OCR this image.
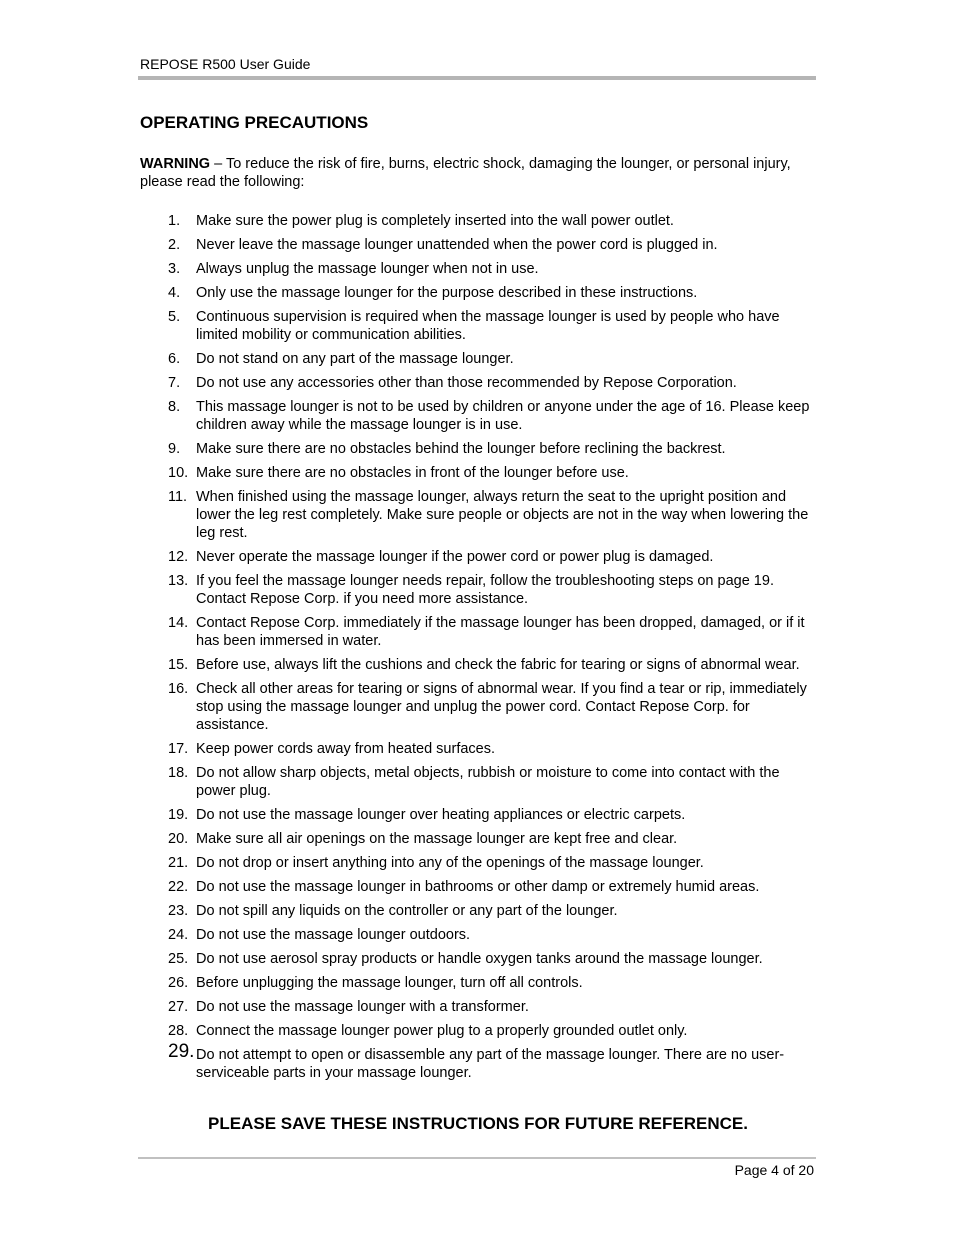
REPOSE R500 User Guide
OPERATING PRECAUTIONS
WARNING – To reduce the risk of fire, burns, electric shock, damaging the lounger, or personal injury, please read the following:
1.	Make sure the power plug is completely inserted into the wall power outlet.
2.	Never leave the massage lounger unattended when the power cord is plugged in.
3.	Always unplug the massage lounger when not in use.
4.	Only use the massage lounger for the purpose described in these instructions.
5.	Continuous supervision is required when the massage lounger is used by people who have limited mobility or communication abilities.
6.	Do not stand on any part of the massage lounger.
7.	Do not use any accessories other than those recommended by Repose Corporation.
8.	This massage lounger is not to be used by children or anyone under the age of 16. Please keep children away while the massage lounger is in use.
9.	Make sure there are no obstacles behind the lounger before reclining the backrest.
10. Make sure there are no obstacles in front of the lounger before use.
11. When finished using the massage lounger, always return the seat to the upright position and lower the leg rest completely. Make sure people or objects are not in the way when lowering the leg rest.
12. Never operate the massage lounger if the power cord or power plug is damaged.
13. If you feel the massage lounger needs repair, follow the troubleshooting steps on page 19. Contact Repose Corp. if you need more assistance.
14. Contact Repose Corp. immediately if the massage lounger has been dropped, damaged, or if it has been immersed in water.
15. Before use, always lift the cushions and check the fabric for tearing or signs of abnormal wear.
16. Check all other areas for tearing or signs of abnormal wear. If you find a tear or rip, immediately stop using the massage lounger and unplug the power cord. Contact Repose Corp. for assistance.
17. Keep power cords away from heated surfaces.
18. Do not allow sharp objects, metal objects, rubbish or moisture to come into contact with the power plug.
19. Do not use the massage lounger over heating appliances or electric carpets.
20. Make sure all air openings on the massage lounger are kept free and clear.
21. Do not drop or insert anything into any of the openings of the massage lounger.
22. Do not use the massage lounger in bathrooms or other damp or extremely humid areas.
23. Do not spill any liquids on the controller or any part of the lounger.
24. Do not use the massage lounger outdoors.
25. Do not use aerosol spray products or handle oxygen tanks around the massage lounger.
26. Before unplugging the massage lounger, turn off all controls.
27. Do not use the massage lounger with a transformer.
28. Connect the massage lounger power plug to a properly grounded outlet only.
29. Do not attempt to open or disassemble any part of the massage lounger. There are no user-serviceable parts in your massage lounger.
PLEASE SAVE THESE INSTRUCTIONS FOR FUTURE REFERENCE.
Page 4 of 20
